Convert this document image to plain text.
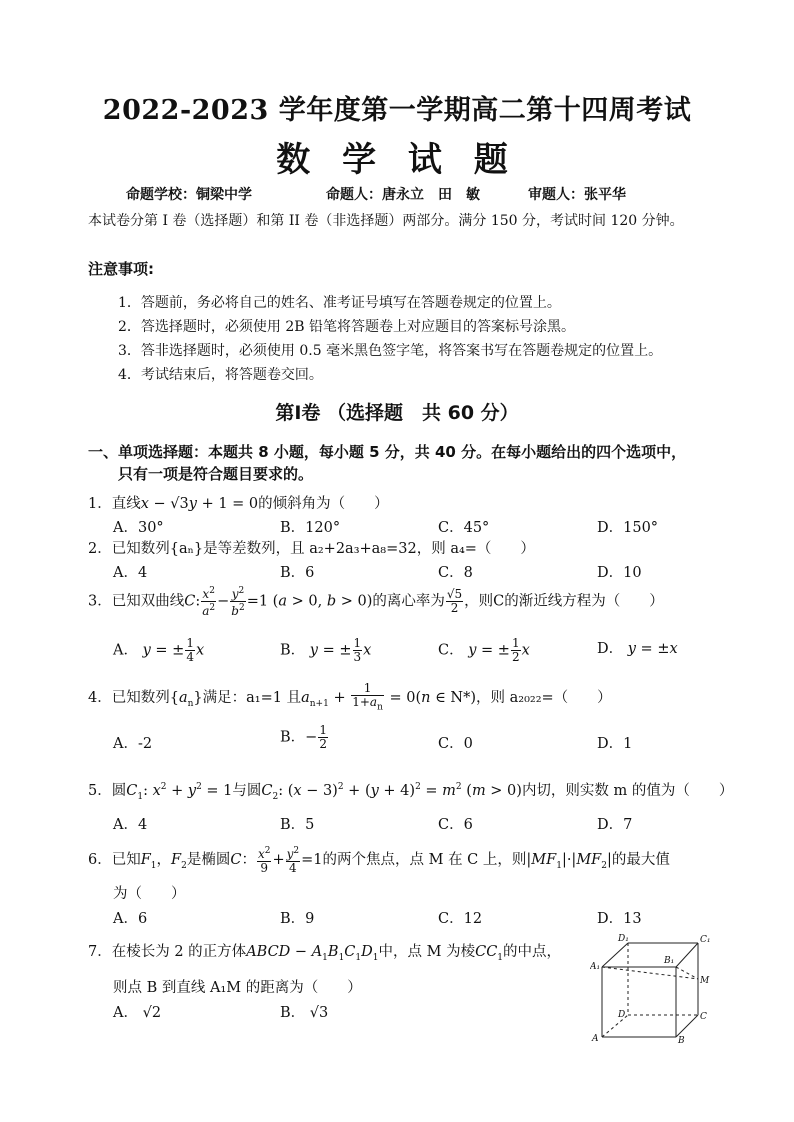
2022-2023 学年度第一学期高二第十四周考试
数 学 试 题
命题学校：铜梁中学	命题人：唐永立　田　敏	审题人：张平华
本试卷分第 I 卷（选择题）和第 II 卷（非选择题）两部分。满分 150 分，考试时间 120 分钟。
注意事项:
1．答题前，务必将自己的姓名、准考证号填写在答题卷规定的位置上。
2．答选择题时，必须使用 2B 铅笔将答题卷上对应题目的答案标号涂黑。
3．答非选择题时，必须使用 0.5 毫米黑色签字笔，将答案书写在答题卷规定的位置上。
4．考试结束后，将答题卷交回。
第Ⅰ卷 （选择题　共 60 分）
一、单项选择题：本题共 8 小题，每小题 5 分，共 40 分。在每小题给出的四个选项中，
只有一项是符合题目要求的。
1．直线x − √3y + 1 = 0的倾斜角为（　　）
A．30°	B．120°	C．45°	D．150°
2．已知数列{aₙ}是等差数列，且 a₂+2a₃+a₈=32，则 a₄=（　　）
A．4	B．6	C．8	D．10
3．已知双曲线C: $\frac{x^2}{a^2} - \frac{y^2}{b^2} =1$ (a > 0, b > 0)的离心率为 $\frac{√5}{2}$ ，则C的渐近线方程为（　　）
A． y = ± $\frac{1}{4}$ x	B． y = ± $\frac{1}{3}$ x	C． y = ± $\frac{1}{2}$ x	D． y = ±x
4．已知数列$\{a_n\}$满足：a₁=1 且$a_{n+1} + \frac{1}{1+a_n} = 0(n$ ∈ N*)，则 a₂₀₂₂=（　　）
A．-2	B．− $\frac{1}{2}$	C．0	D．1
5．圆$C_1$: $x^2 + y^2 = 1$与圆$C_2$: $(x - 3)^2 + (y + 4)^2 = m^2$ (m > 0)内切，则实数 m 的值为（　　）
A．4	B．5	C．6	D．7
6．已知$F_1$，$F_2$是椭圆C： $\frac{x^2}{9} + \frac{y^2}{4} =1$的两个焦点，点 M 在 C 上，则$|MF_1|\cdot|MF_2|$的最大值
为（　　）
A．6	B．9	C．12	D．13
7．在棱长为 2 的正方体ABCD − $A_1B_1C_1D_1$中，点 M 为棱$CC_1$的中点，
则点 B 到直线 A₁M 的距离为（　　）
A． √2	B． √3
D₁	C₁
B₁
A₁
M
D	C
A	B
